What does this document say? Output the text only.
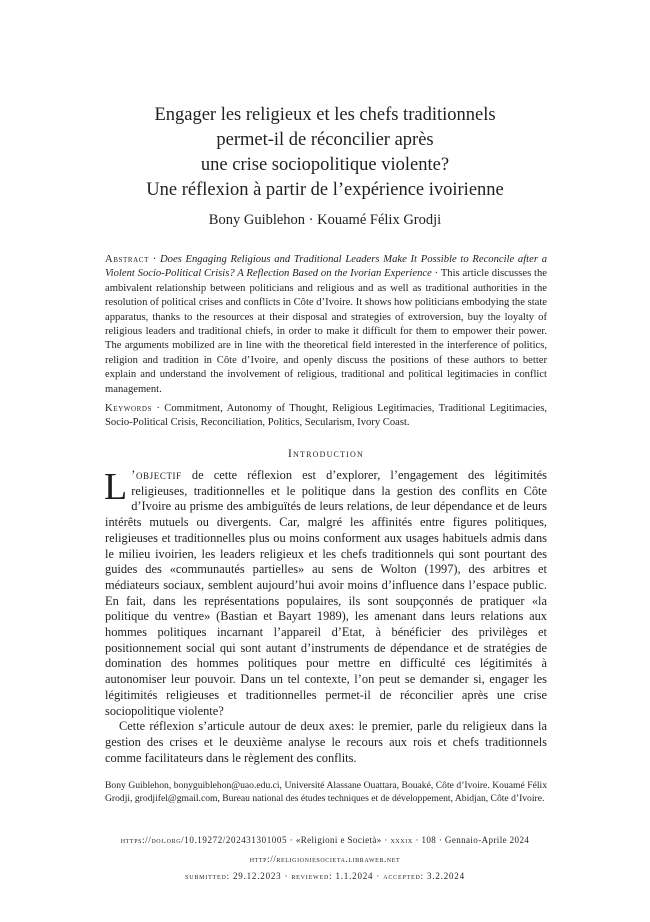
Engager les religieux et les chefs traditionnels
permet-il de réconcilier après
une crise sociopolitique violente?
Une réflexion à partir de l’expérience ivoirienne
Bony Guiblehon · Kouamé Félix Grodji
Abstract · Does Engaging Religious and Traditional Leaders Make It Possible to Reconcile after a Violent Socio-Political Crisis? A Reflection Based on the Ivorian Experience · This article discusses the ambivalent relationship between politicians and religious and as well as traditional authorities in the resolution of political crises and conflicts in Côte d’Ivoire. It shows how politicians embodying the state apparatus, thanks to the resources at their disposal and strategies of extroversion, buy the loyalty of religious leaders and traditional chiefs, in order to make it difficult for them to empower their power. The arguments mobilized are in line with the theoretical field interested in the interference of politics, religion and tradition in Côte d’Ivoire, and openly discuss the positions of these authors to better explain and understand the involvement of religious, traditional and political legitimacies in conflict management.
Keywords · Commitment, Autonomy of Thought, Religious Legitimacies, Traditional Legitimacies, Socio-Political Crisis, Reconciliation, Politics, Secularism, Ivory Coast.
Introduction

L ’objectif de cette réflexion est d’explorer, l’engagement des légitimités religieuses, traditionnelles et le politique dans la gestion des conflits en Côte d’Ivoire au prisme des ambiguïtés de leurs relations, de leur dépendance et de leurs intérêts mutuels ou divergents. Car, malgré les affinités entre figures politiques, religieuses et traditionnelles plus ou moins conforment aux usages habituels admis dans le milieu ivoirien, les leaders religieux et les chefs traditionnels qui sont pourtant des guides des «communautés partielles» au sens de Wolton (1997), des arbitres et médiateurs sociaux, semblent aujourd’hui avoir moins d’influence dans l’espace public. En fait, dans les représentations populaires, ils sont soupçonnés de pratiquer «la politique du ventre» (Bastian et Bayart 1989), les amenant dans leurs relations aux hommes politiques incarnant l’appareil d’Etat, à bénéficier des privilèges et positionnement social qui sont autant d’instruments de dépendance et de stratégies de domination des hommes politiques pour mettre en difficulté ces légitimités à autonomiser leur pouvoir. Dans un tel contexte, l’on peut se demander si, engager les légitimités religieuses et traditionnelles permet-il de réconcilier après une crise sociopolitique violente?

Cette réflexion s’articule autour de deux axes: le premier, parle du religieux dans la gestion des crises et le deuxième analyse le recours aux rois et chefs traditionnels comme facilitateurs dans le règlement des conflits.

Bony Guiblehon, bonyguiblehon@uao.edu.ci, Université Alassane Ouattara, Bouaké, Côte d’Ivoire. Kouamé Félix Grodji, grodjifel@gmail.com, Bureau national des études techniques et de développement, Abidjan, Côte d’Ivoire.
https://doi.org/10.19272/202431301005 · «Religioni e Società» · xxxix · 108 · Gennaio-Aprile 2024
http://religioniesocieta.libraweb.net
submitted: 29.12.2023 · reviewed: 1.1.2024 · accepted: 3.2.2024
